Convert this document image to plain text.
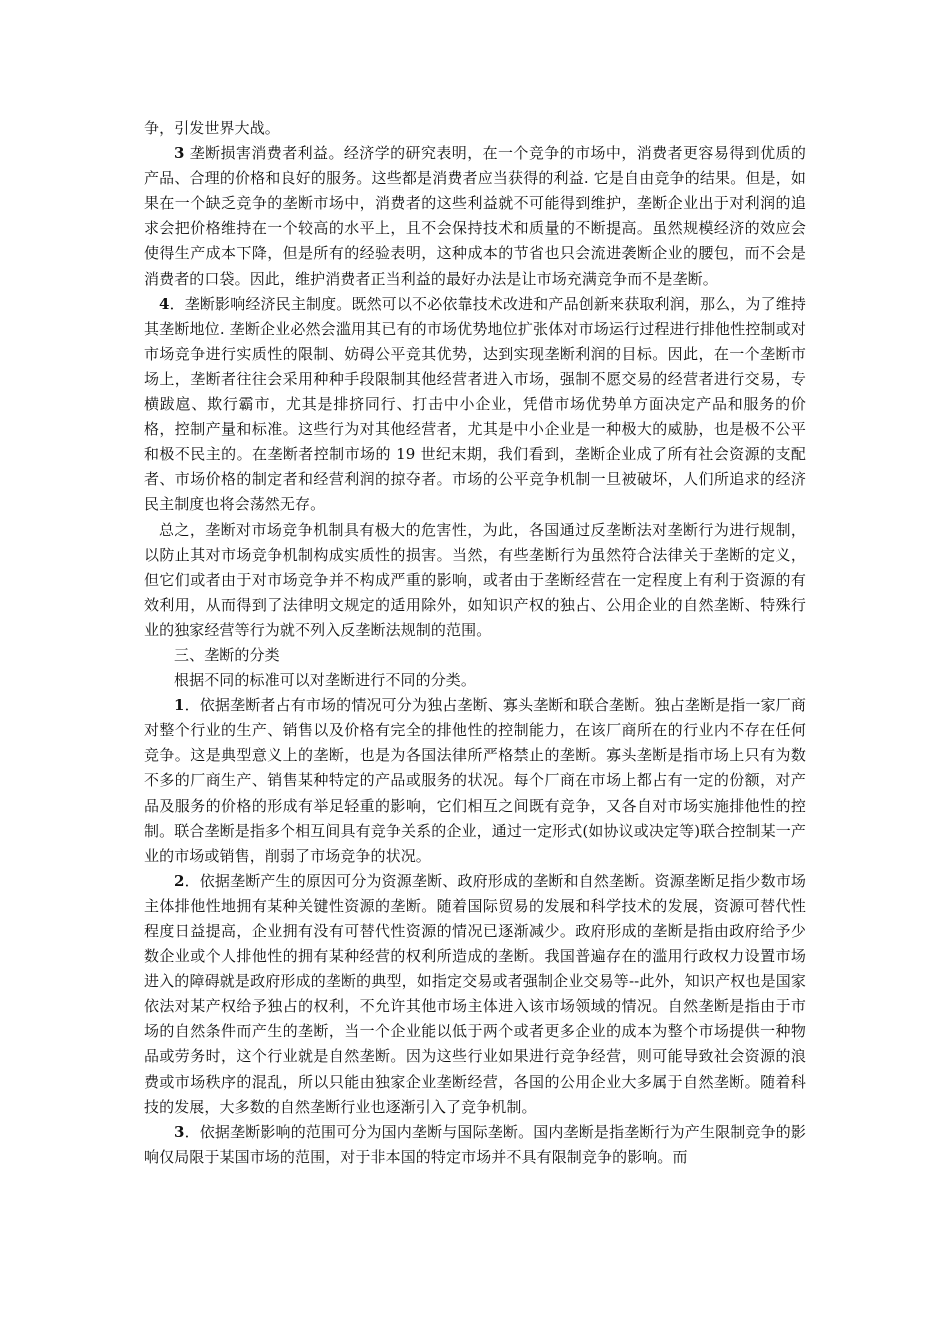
争，引发世界大战。

3 垄断损害消费者利益。经济学的研究表明，在一个竞争的市场中，消费者更容易得到优质的产品、合理的价格和良好的服务。这些都是消费者应当获得的利益. 它是自由竞争的结果。但是，如果在一个缺乏竞争的垄断市场中，消费者的这些利益就不可能得到维护，垄断企业出于对利润的追求会把价格维持在一个较高的水平上，且不会保持技术和质量的不断提高。虽然规模经济的效应会使得生产成本下降，但是所有的经验表明，这种成本的节省也只会流进袭断企业的腰包，而不会是消费者的口袋。因此，维护消费者正当利益的最好办法是让市场充满竞争而不是垄断。

4．垄断影响经济民主制度。既然可以不必依靠技术改进和产品创新来获取利润，那么，为了维持其垄断地位. 垄断企业必然会滥用其已有的市场优势地位扩张体对市场运行过程进行排他性控制或对市场竞争进行实质性的限制、妨碍公平竞其优势，达到实现垄断利润的目标。因此，在一个垄断市场上，垄断者往往会采用种种手段限制其他经营者进入市场，强制不愿交易的经营者进行交易，专横跋扈、欺行霸市，尤其是排挤同行、打击中小企业，凭借市场优势单方面决定产品和服务的价格，控制产量和标准。这些行为对其他经营者，尤其是中小企业是一种极大的威胁，也是极不公平和极不民主的。在垄断者控制市场的 19 世纪末期，我们看到，垄断企业成了所有社会资源的支配者、市场价格的制定者和经营利润的掠夺者。市场的公平竞争机制一旦被破坏，人们所追求的经济民主制度也将会荡然无存。

总之，垄断对市场竞争机制具有极大的危害性，为此，各国通过反垄断法对垄断行为进行规制，以防止其对市场竞争机制构成实质性的损害。当然，有些垄断行为虽然符合法律关于垄断的定义，但它们或者由于对市场竞争并不构成严重的影响，或者由于垄断经营在一定程度上有利于资源的有效利用，从而得到了法律明文规定的适用除外，如知识产权的独占、公用企业的自然垄断、特殊行业的独家经营等行为就不列入反垄断法规制的范围。

三、垄断的分类

根据不同的标准可以对垄断进行不同的分类。

1．依据垄断者占有市场的情况可分为独占垄断、寡头垄断和联合垄断。独占垄断是指一家厂商对整个行业的生产、销售以及价格有完全的排他性的控制能力，在该厂商所在的行业内不存在任何竞争。这是典型意义上的垄断，也是为各国法律所严格禁止的垄断。寡头垄断是指市场上只有为数不多的厂商生产、销售某种特定的产品或服务的状况。每个厂商在市场上都占有一定的份额，对产品及服务的价格的形成有举足轻重的影响，它们相互之间既有竞争，又各自对市场实施排他性的控制。联合垄断是指多个相互间具有竞争关系的企业，通过一定形式(如协议或决定等)联合控制某一产业的市场或销售，削弱了市场竞争的状况。

2．依据垄断产生的原因可分为资源垄断、政府形成的垄断和自然垄断。资源垄断足指少数市场主体排他性地拥有某种关键性资源的垄断。随着国际贸易的发展和科学技术的发展，资源可替代性程度日益提高，企业拥有没有可替代性资源的情况已逐渐减少。政府形成的垄断是指由政府给予少数企业或个人排他性的拥有某种经营的权利所造成的垄断。我国普遍存在的滥用行政权力设置市场进入的障碍就是政府形成的垄断的典型，如指定交易或者强制企业交易等--此外，知识产权也是国家依法对某产权给予独占的权利，不允许其他市场主体进入该市场领域的情况。自然垄断是指由于市场的自然条件而产生的垄断，当一个企业能以低于两个或者更多企业的成本为整个市场提供一种物品或劳务时，这个行业就是自然垄断。因为这些行业如果进行竞争经营，则可能导致社会资源的浪费或市场秩序的混乱，所以只能由独家企业垄断经营，各国的公用企业大多属于自然垄断。随着科技的发展，大多数的自然垄断行业也逐渐引入了竞争机制。

3．依据垄断影响的范围可分为国内垄断与国际垄断。国内垄断是指垄断行为产生限制竞争的影响仅局限于某国市场的范围，对于非本国的特定市场并不具有限制竞争的影响。而
